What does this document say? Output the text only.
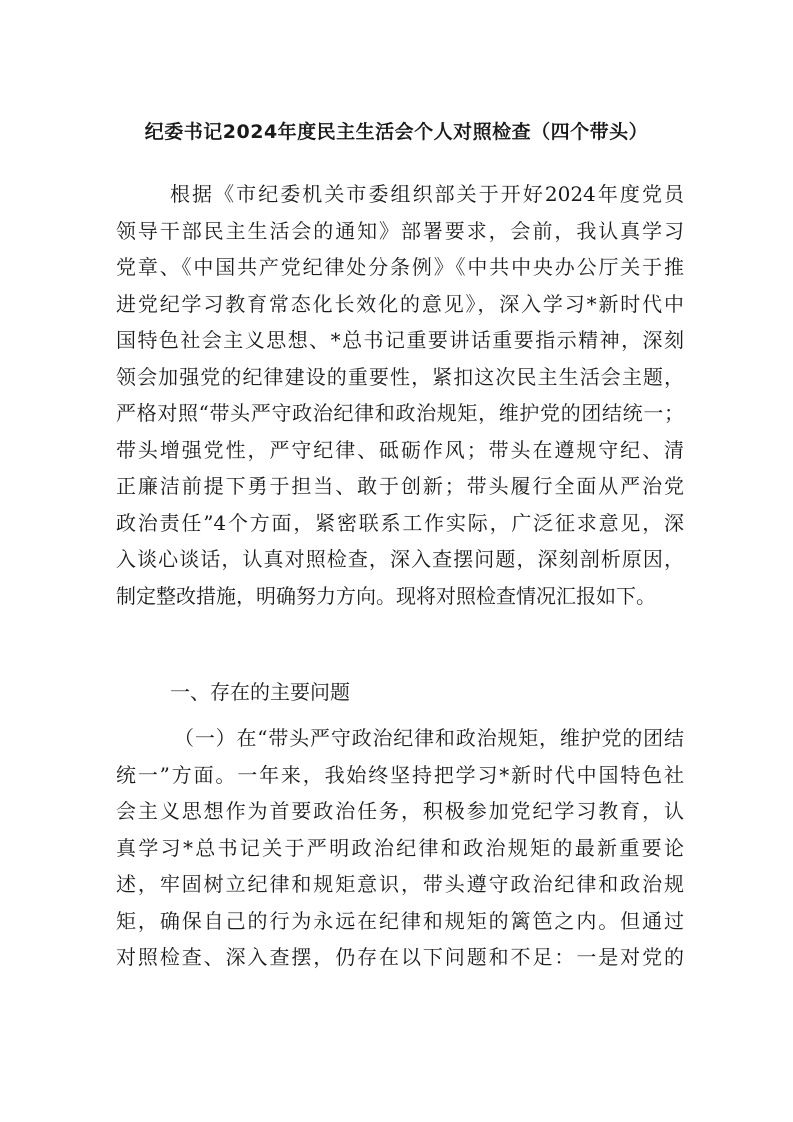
纪委书记2024年度民主生活会个人对照检查（四个带头）
根据《市纪委机关市委组织部关于开好2024年度党员
领导干部民主生活会的通知》部署要求，会前，我认真学习
党章、《中国共产党纪律处分条例》《中共中央办公厅关于推
进党纪学习教育常态化长效化的意见》，深入学习*新时代中
国特色社会主义思想、*总书记重要讲话重要指示精神，深刻
领会加强党的纪律建设的重要性，紧扣这次民主生活会主题，
严格对照“带头严守政治纪律和政治规矩，维护党的团结统一；
带头增强党性，严守纪律、砥砺作风；带头在遵规守纪、清
正廉洁前提下勇于担当、敢于创新；带头履行全面从严治党
政治责任”4个方面，紧密联系工作实际，广泛征求意见，深
入谈心谈话，认真对照检查，深入查摆问题，深刻剖析原因，
制定整改措施，明确努力方向。现将对照检查情况汇报如下。
一、存在的主要问题
（一）在“带头严守政治纪律和政治规矩，维护党的团结
统一”方面。一年来，我始终坚持把学习*新时代中国特色社
会主义思想作为首要政治任务，积极参加党纪学习教育，认
真学习*总书记关于严明政治纪律和政治规矩的最新重要论
述，牢固树立纪律和规矩意识，带头遵守政治纪律和政治规
矩，确保自己的行为永远在纪律和规矩的篱笆之内。但通过
对照检查、深入查摆，仍存在以下问题和不足：一是对党的
